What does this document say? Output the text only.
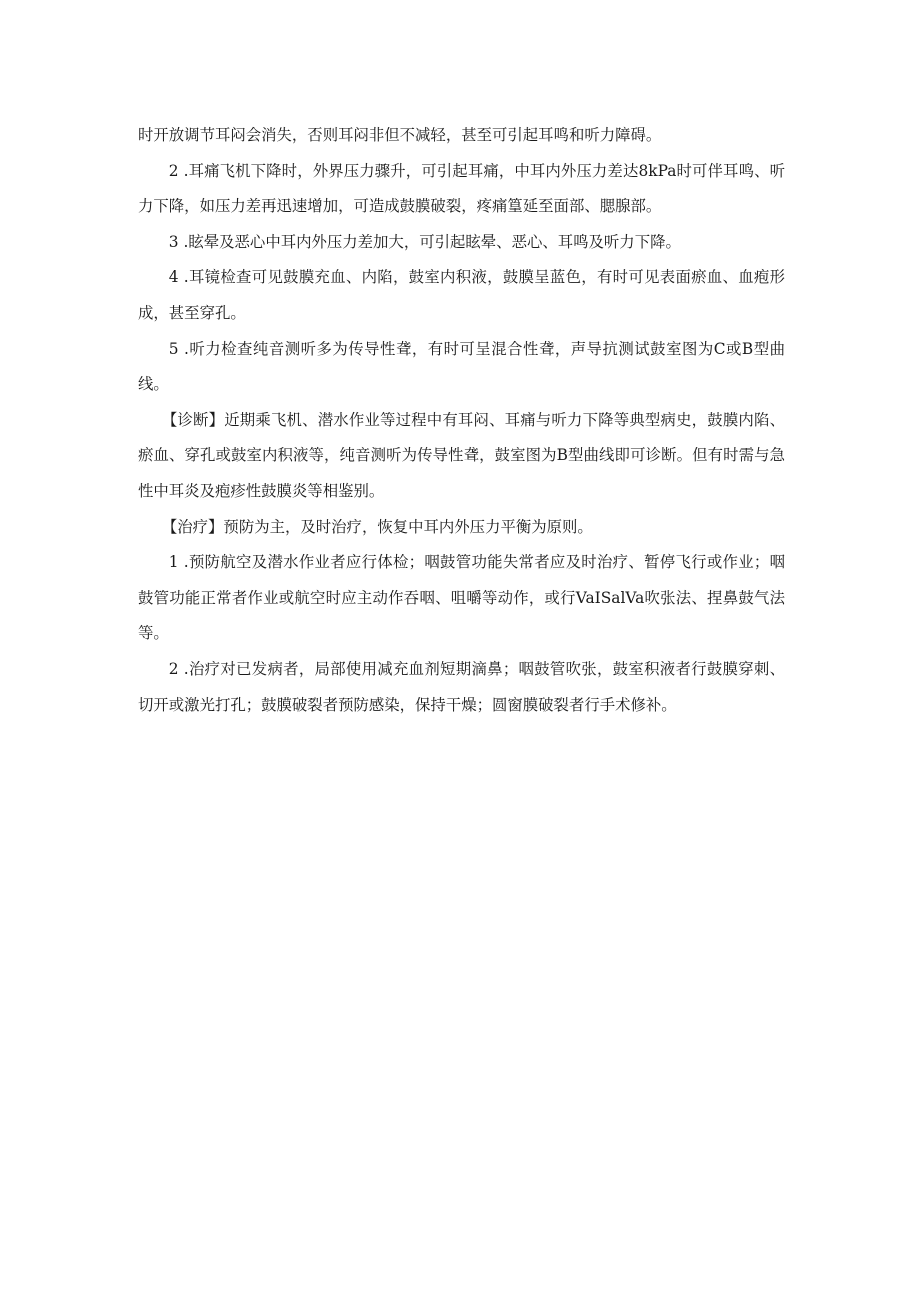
时开放调节耳闷会消失，否则耳闷非但不减轻，甚至可引起耳鸣和听力障碍。

2 .耳痛飞机下降时，外界压力骤升，可引起耳痛，中耳内外压力差达8kPa时可伴耳鸣、听力下降，如压力差再迅速增加，可造成鼓膜破裂，疼痛篁延至面部、腮腺部。

3 .眩晕及恶心中耳内外压力差加大，可引起眩晕、恶心、耳鸣及听力下降。

4 .耳镜检查可见鼓膜充血、内陷，鼓室内积液，鼓膜呈蓝色，有时可见表面瘀血、血疱形成，甚至穿孔。

5 .听力检查纯音测听多为传导性聋，有时可呈混合性聋，声导抗测试鼓室图为C或B型曲线。

【诊断】近期乘飞机、潜水作业等过程中有耳闷、耳痛与听力下降等典型病史，鼓膜内陷、瘀血、穿孔或鼓室内积液等，纯音测听为传导性聋，鼓室图为B型曲线即可诊断。但有时需与急性中耳炎及疱疹性鼓膜炎等相鉴别。

【治疗】预防为主，及时治疗，恢复中耳内外压力平衡为原则。

1 .预防航空及潜水作业者应行体检；咽鼓管功能失常者应及时治疗、暂停飞行或作业；咽鼓管功能正常者作业或航空时应主动作吞咽、咀嚼等动作，或行VaISalVa吹张法、捏鼻鼓气法等。

2 .治疗对已发病者，局部使用减充血剂短期滴鼻；咽鼓管吹张，鼓室积液者行鼓膜穿刺、切开或激光打孔；鼓膜破裂者预防感染，保持干燥；圆窗膜破裂者行手术修补。
